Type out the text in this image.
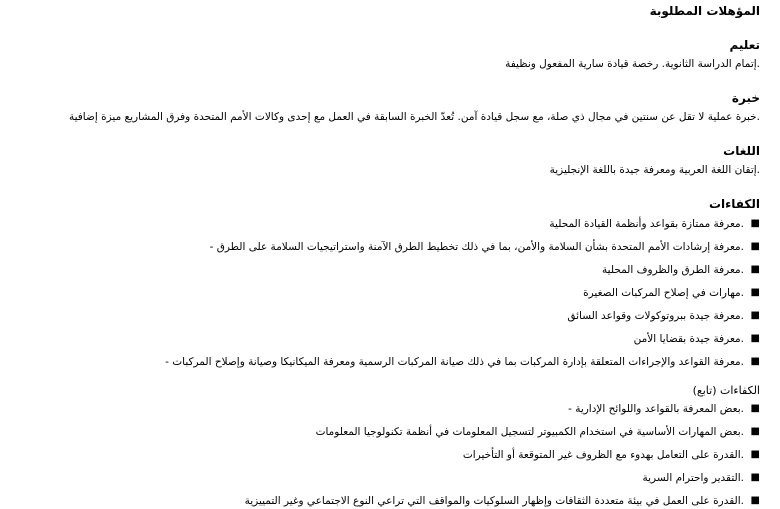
المؤهلات المطلوبة
تعليم
.إتمام الدراسة الثانوية. رخصة قيادة سارية المفعول ونظيفة
خبرة
.خبرة عملية لا تقل عن سنتين في مجال ذي صلة، مع سجل قيادة آمن. تُعدّ الخبرة السابقة في العمل مع إحدى وكالات الأمم المتحدة وفرق المشاريع ميزة إضافية
اللغات
.إتقان اللغة العربية ومعرفة جيدة باللغة الإنجليزية
الكفاءات
■
.معرفة ممتازة بقواعد وأنظمة القيادة المحلية
■
.معرفة إرشادات الأمم المتحدة بشأن السلامة والأمن، بما في ذلك تخطيط الطرق الآمنة واستراتيجيات السلامة على الطرق -
■
.معرفة الطرق والظروف المحلية
■
.مهارات في إصلاح المركبات الصغيرة
■
.معرفة جيدة ببروتوكولات وقواعد السائق
■
.معرفة جيدة بقضايا الأمن
■
.معرفة القواعد والإجراءات المتعلقة بإدارة المركبات بما في ذلك صيانة المركبات الرسمية ومعرفة الميكانيكا وصيانة وإصلاح المركبات -
الكفاءات (تابع)
■
.بعض المعرفة بالقواعد واللوائح الإدارية -
■
.بعض المهارات الأساسية في استخدام الكمبيوتر لتسجيل المعلومات في أنظمة تكنولوجيا المعلومات
■
.القدرة على التعامل بهدوء مع الظروف غير المتوقعة أو التأخيرات
■
.التقدير واحترام السرية
■
.القدرة على العمل في بيئة متعددة الثقافات وإظهار السلوكيات والمواقف التي تراعي النوع الاجتماعي وغير التمييزية
